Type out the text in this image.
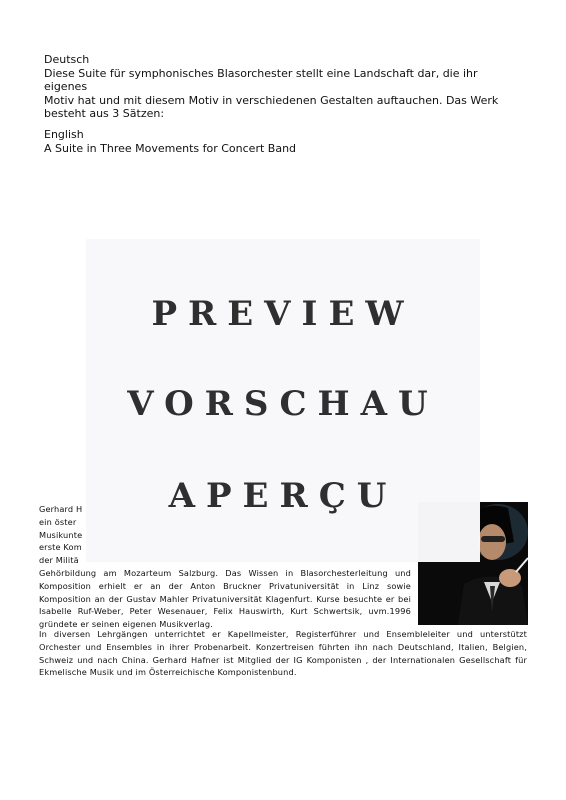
Deutsch
Diese Suite für symphonisches Blasorchester stellt eine Landschaft dar, die ihr eigenes
Motiv hat und mit diesem Motiv in verschiedenen Gestalten auftauchen. Das Werk
besteht aus 3 Sätzen:
English
A Suite in Three Movements for Concert Band
Gerhard H
ein öster
Musikunte
erste Kom
der Militä
Gehörbildung am Mozarteum Salzburg. Das Wissen in Blasorchesterleitung und Komposition erhielt er an der Anton Bruckner Privatuniversität in Linz sowie Komposition an der Gustav Mahler Privatuniversität Klagenfurt. Kurse besuchte er bei Isabelle Ruf-Weber, Peter Wesenauer, Felix Hauswirth, Kurt Schwertsik, uvm.1996 gründete er seinen eigenen Musikverlag.
In diversen Lehrgängen unterrichtet er Kapellmeister, Registerführer und Ensembleleiter und unterstützt Orchester und Ensembles in ihrer Probenarbeit. Konzertreisen führten ihn nach Deutschland, Italien, Belgien, Schweiz und nach China. Gerhard Hafner ist Mitglied der IG Komponisten , der Internationalen Gesellschaft für Ekmelische Musik und im Österreichische Komponistenbund.
PREVIEW
VORSCHAU
APERÇU
